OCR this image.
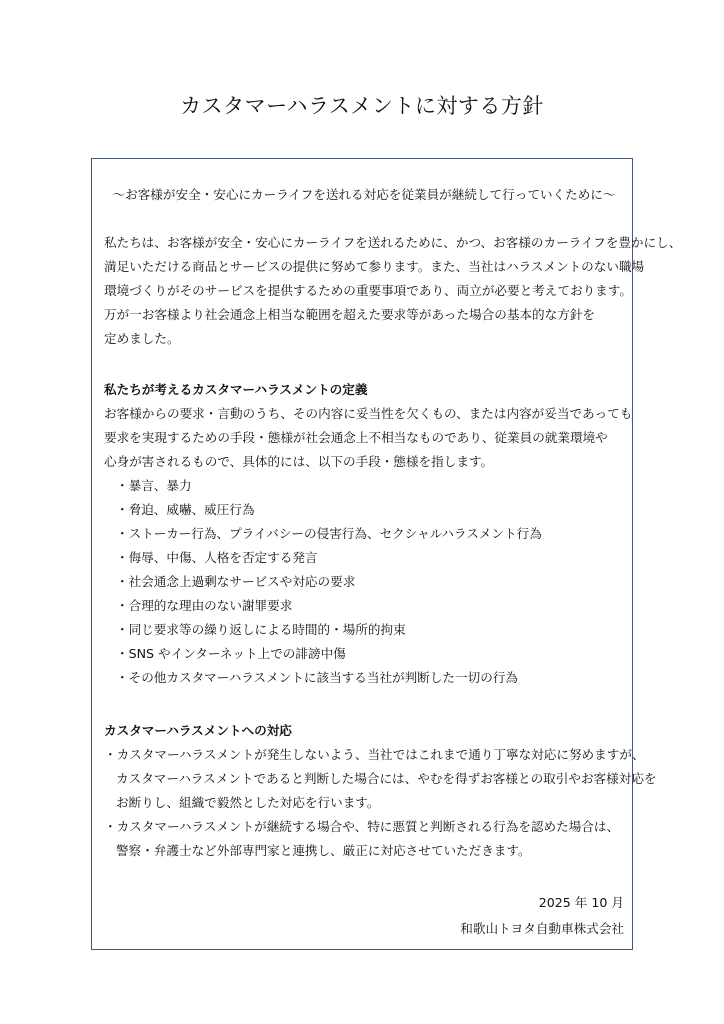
カスタマーハラスメントに対する方針
～お客様が安全・安心にカーライフを送れる対応を従業員が継続して行っていくために～
私たちは、お客様が安全・安心にカーライフを送れるために、かつ、お客様のカーライフを豊かにし、
満足いただける商品とサービスの提供に努めて参ります。また、当社はハラスメントのない職場
環境づくりがそのサービスを提供するための重要事項であり、両立が必要と考えております。
万が一お客様より社会通念上相当な範囲を超えた要求等があった場合の基本的な方針を
定めました。
私たちが考えるカスタマーハラスメントの定義
お客様からの要求・言動のうち、その内容に妥当性を欠くもの、または内容が妥当であっても
要求を実現するための手段・態様が社会通念上不相当なものであり、従業員の就業環境や
心身が害されるもので、具体的には、以下の手段・態様を指します。
・暴言、暴力
・脅迫、威嚇、威圧行為
・ストーカー行為、プライバシーの侵害行為、セクシャルハラスメント行為
・侮辱、中傷、人格を否定する発言
・社会通念上過剰なサービスや対応の要求
・合理的な理由のない謝罪要求
・同じ要求等の繰り返しによる時間的・場所的拘束
・SNS やインターネット上での誹謗中傷
・その他カスタマーハラスメントに該当する当社が判断した一切の行為
カスタマーハラスメントへの対応
・カスタマーハラスメントが発生しないよう、当社ではこれまで通り丁寧な対応に努めますが、
カスタマーハラスメントであると判断した場合には、やむを得ずお客様との取引やお客様対応を
お断りし、組織で毅然とした対応を行います。
・カスタマーハラスメントが継続する場合や、特に悪質と判断される行為を認めた場合は、
警察・弁護士など外部専門家と連携し、厳正に対応させていただきます。
2025 年 10 月
和歌山トヨタ自動車株式会社
